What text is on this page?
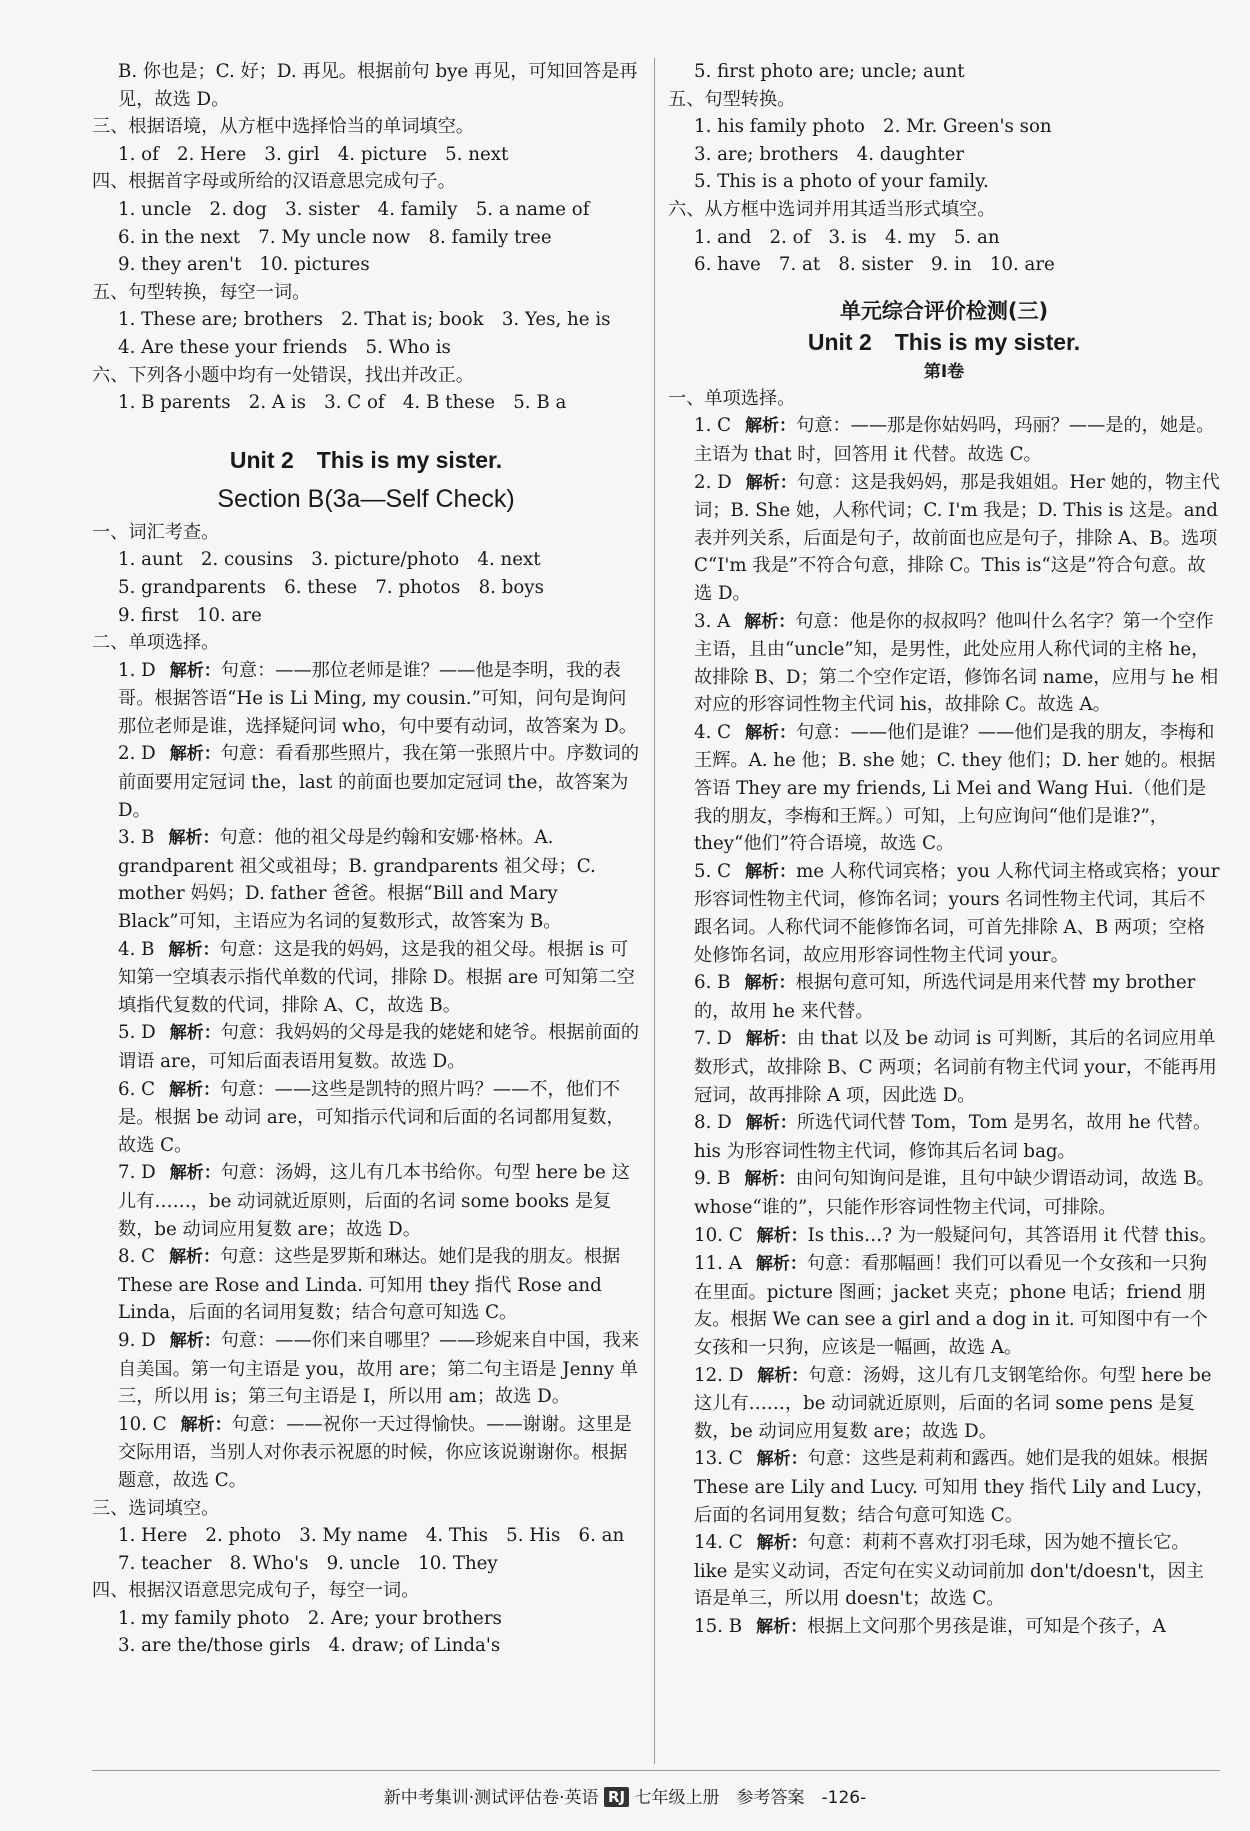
B. 你也是；C. 好；D. 再见。根据前句 bye 再见，可知回答是再见，故选 D。
三、根据语境，从方框中选择恰当的单词填空。
1. of　2. Here　3. girl　4. picture　5. next
四、根据首字母或所给的汉语意思完成句子。
1. uncle　2. dog　3. sister　4. family　5. a name of
6. in the next　7. My uncle now　8. family tree
9. they aren't　10. pictures
五、句型转换，每空一词。
1. These are; brothers　2. That is; book　3. Yes, he is
4. Are these your friends　5. Who is
六、下列各小题中均有一处错误，找出并改正。
1. B parents　2. A is　3. C of　4. B these　5. B a
Unit 2　This is my sister.
Section B(3a—Self Check)
一、词汇考查。
1. aunt　2. cousins　3. picture/photo　4. next
5. grandparents　6. these　7. photos　8. boys
9. first　10. are
二、单项选择。
1. D 解析：句意：——那位老师是谁？——他是李明，我的表哥。根据答语“He is Li Ming, my cousin.”可知，问句是询问那位老师是谁，选择疑问词 who，句中要有动词，故答案为 D。
2. D 解析：句意：看看那些照片，我在第一张照片中。序数词的前面要用定冠词 the，last 的前面也要加定冠词 the，故答案为 D。
3. B 解析：句意：他的祖父母是约翰和安娜·格林。A. grandparent 祖父或祖母；B. grandparents 祖父母；C. mother 妈妈；D. father 爸爸。根据“Bill and Mary Black”可知，主语应为名词的复数形式，故答案为 B。
4. B 解析：句意：这是我的妈妈，这是我的祖父母。根据 is 可知第一空填表示指代单数的代词，排除 D。根据 are 可知第二空填指代复数的代词，排除 A、C，故选 B。
5. D 解析：句意：我妈妈的父母是我的姥姥和姥爷。根据前面的谓语 are，可知后面表语用复数。故选 D。
6. C 解析：句意：——这些是凯特的照片吗？——不，他们不是。根据 be 动词 are，可知指示代词和后面的名词都用复数，故选 C。
7. D 解析：句意：汤姆，这儿有几本书给你。句型 here be 这儿有……，be 动词就近原则，后面的名词 some books 是复数，be 动词应用复数 are；故选 D。
8. C 解析：句意：这些是罗斯和琳达。她们是我的朋友。根据 These are Rose and Linda. 可知用 they 指代 Rose and Linda，后面的名词用复数；结合句意可知选 C。
9. D 解析：句意：——你们来自哪里？——珍妮来自中国，我来自美国。第一句主语是 you，故用 are；第二句主语是 Jenny 单三，所以用 is；第三句主语是 I，所以用 am；故选 D。
10. C 解析：句意：——祝你一天过得愉快。——谢谢。这里是交际用语，当别人对你表示祝愿的时候，你应该说谢谢你。根据题意，故选 C。
三、选词填空。
1. Here　2. photo　3. My name　4. This　5. His　6. an
7. teacher　8. Who's　9. uncle　10. They
四、根据汉语意思完成句子，每空一词。
1. my family photo　2. Are; your brothers
3. are the/those girls　4. draw; of Linda's
5. first photo are; uncle; aunt
五、句型转换。
1. his family photo　2. Mr. Green's son
3. are; brothers　4. daughter
5. This is a photo of your family.
六、从方框中选词并用其适当形式填空。
1. and　2. of　3. is　4. my　5. an
6. have　7. at　8. sister　9. in　10. are
单元综合评价检测(三)
Unit 2　This is my sister.
第Ⅰ卷
一、单项选择。
1. C 解析：句意：——那是你姑妈吗，玛丽？——是的，她是。主语为 that 时，回答用 it 代替。故选 C。
2. D 解析：句意：这是我妈妈，那是我姐姐。Her 她的，物主代词；B. She 她，人称代词；C. I'm 我是；D. This is 这是。and 表并列关系，后面是句子，故前面也应是句子，排除 A、B。选项 C“I'm 我是”不符合句意，排除 C。This is“这是”符合句意。故选 D。
3. A 解析：句意：他是你的叔叔吗？他叫什么名字？第一个空作主语，且由“uncle”知，是男性，此处应用人称代词的主格 he，故排除 B、D；第二个空作定语，修饰名词 name，应用与 he 相对应的形容词性物主代词 his，故排除 C。故选 A。
4. C 解析：句意：——他们是谁？——他们是我的朋友，李梅和王辉。A. he 他；B. she 她；C. they 他们；D. her 她的。根据答语 They are my friends, Li Mei and Wang Hui.（他们是我的朋友，李梅和王辉。）可知，上句应询问“他们是谁?”，they“他们”符合语境，故选 C。
5. C 解析：me 人称代词宾格；you 人称代词主格或宾格；your 形容词性物主代词，修饰名词；yours 名词性物主代词，其后不跟名词。人称代词不能修饰名词，可首先排除 A、B 两项；空格处修饰名词，故应用形容词性物主代词 your。
6. B 解析：根据句意可知，所选代词是用来代替 my brother 的，故用 he 来代替。
7. D 解析：由 that 以及 be 动词 is 可判断，其后的名词应用单数形式，故排除 B、C 两项；名词前有物主代词 your，不能再用冠词，故再排除 A 项，因此选 D。
8. D 解析：所选代词代替 Tom，Tom 是男名，故用 he 代替。his 为形容词性物主代词，修饰其后名词 bag。
9. B 解析：由问句知询问是谁，且句中缺少谓语动词，故选 B。whose“谁的”，只能作形容词性物主代词，可排除。
10. C 解析：Is this…? 为一般疑问句，其答语用 it 代替 this。
11. A 解析：句意：看那幅画！我们可以看见一个女孩和一只狗在里面。picture 图画；jacket 夹克；phone 电话；friend 朋友。根据 We can see a girl and a dog in it. 可知图中有一个女孩和一只狗，应该是一幅画，故选 A。
12. D 解析：句意：汤姆，这儿有几支钢笔给你。句型 here be 这儿有……，be 动词就近原则，后面的名词 some pens 是复数，be 动词应用复数 are；故选 D。
13. C 解析：句意：这些是莉莉和露西。她们是我的姐妹。根据 These are Lily and Lucy. 可知用 they 指代 Lily and Lucy，后面的名词用复数；结合句意可知选 C。
14. C 解析：句意：莉莉不喜欢打羽毛球，因为她不擅长它。like 是实义动词，否定句在实义动词前加 don't/doesn't，因主语是单三，所以用 doesn't；故选 C。
15. B 解析：根据上文问那个男孩是谁，可知是个孩子，A
新中考集训·测试评估卷·英语 RJ 七年级上册　 参考答案　 -126-
